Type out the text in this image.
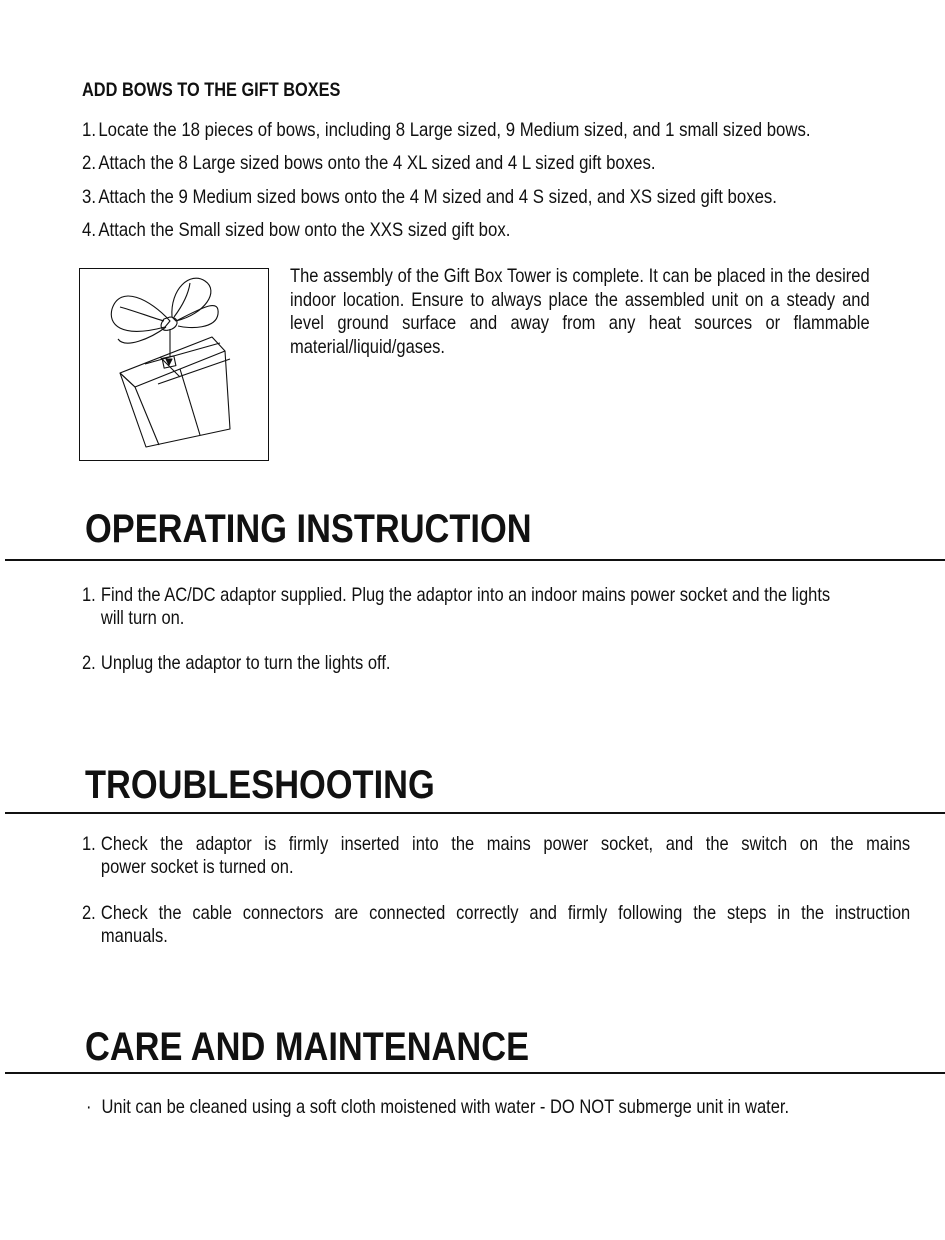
ADD BOWS TO THE GIFT BOXES
1. Locate the 18 pieces of bows, including 8 Large sized, 9 Medium sized, and 1 small sized bows.
2. Attach the 8 Large sized bows onto the 4 XL sized and 4 L sized gift boxes.
3. Attach the 9 Medium sized bows onto the 4 M sized and 4 S sized, and XS sized gift boxes.
4. Attach the Small sized bow onto the XXS sized gift box.
The assembly of the Gift Box Tower is complete. It can be placed in the desired indoor location. Ensure to always place the assembled unit on a steady and level ground surface and away from any heat sources or flammable material/liquid/gases.
OPERATING INSTRUCTION
1. Find the AC/DC adaptor supplied. Plug the adaptor into an indoor mains power socket and the lights
will turn on.
2. Unplug the adaptor to turn the lights off.
TROUBLESHOOTING
1. Check the adaptor is firmly inserted into the mains power socket, and the switch on the mains
power socket is turned on.
2. Check the cable connectors are connected correctly and firmly following the steps in the instruction
manuals.
CARE AND MAINTENANCE
· Unit can be cleaned using a soft cloth moistened with water - DO NOT submerge unit in water.
